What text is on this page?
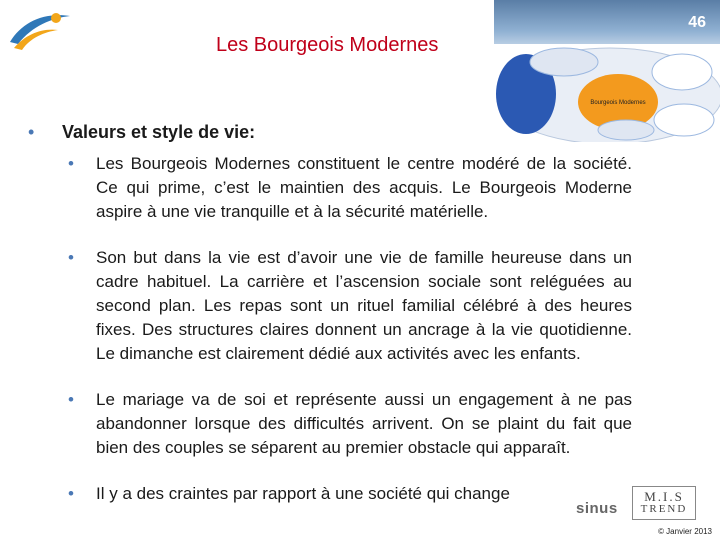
Les Bourgeois Modernes
46
Bourgeois Modernes
• Valeurs et style de vie:
• Les Bourgeois Modernes constituent le centre modéré de la société. Ce qui prime, c’est le maintien des acquis. Le Bourgeois Moderne aspire à une vie tranquille et à la sécurité matérielle.
• Son but dans la vie est d’avoir une vie de famille heureuse dans un cadre habituel. La carrière et l’ascension sociale sont reléguées au second plan. Les repas sont un rituel familial célébré à des heures fixes. Des structures claires donnent un ancrage à la vie quotidienne. Le dimanche est clairement dédié aux activités avec les enfants.
• Le mariage va de soi et représente aussi un engagement à ne pas abandonner lorsque des difficultés arrivent. On se plaint du fait que bien des couples se séparent au premier obstacle qui apparaît.
• Il y a des craintes par rapport à une société qui change
sinus
M.I.S
TREND
© Janvier 2013
